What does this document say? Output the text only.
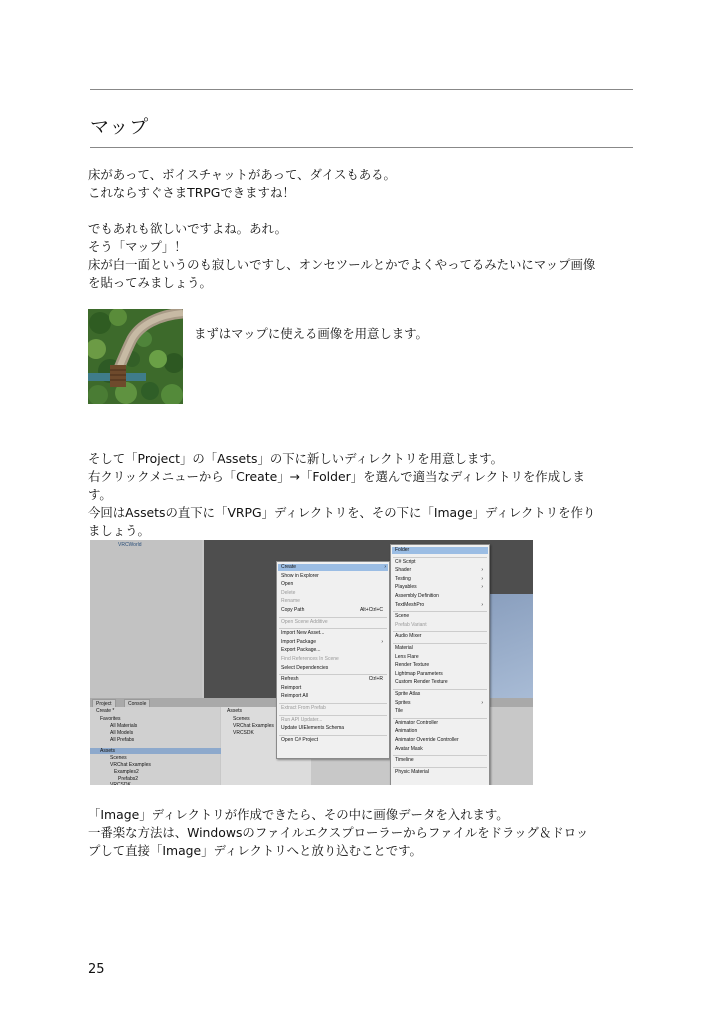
マップ
床があって、ボイスチャットがあって、ダイスもある。
これならすぐさまTRPGできますね！
でもあれも欲しいですよね。あれ。
そう「マップ」！
床が白一面というのも寂しいですし、オンセツールとかでよくやってるみたいにマップ画像
を貼ってみましょう。
まずはマップに使える画像を用意します。
そして「Project」の「Assets」の下に新しいディレクトリを用意します。
右クリックメニューから「Create」→「Folder」を選んで適当なディレクトリを作成しま
す。
今回はAssetsの直下に「VRPG」ディレクトリを、その下に「Image」ディレクトリを作り
ましょう。
VRCWorld
Project	Console
Create *
Favorites
All Materials
All Models
All Prefabs
Assets
Scenes
VRChat Examples
Examples2
Prefabs2
VRCSDK
Assets
Scenes
VRChat Examples
VRCSDK
Create	›
Show in Explorer
Open
Delete
Rename
Copy Path	Alt+Ctrl+C
Open Scene Additive
Import New Asset...
Import Package	›
Export Package...
Find References In Scene
Select Dependencies
Refresh	Ctrl+R
Reimport
Reimport All
Extract From Prefab
Run API Updater...
Update UIElements Schema
Open C# Project
Folder
C# Script
Shader	›
Testing	›
Playables	›
Assembly Definition
TextMeshPro	›
Scene
Prefab Variant
Audio Mixer
Material
Lens Flare
Render Texture
Lightmap Parameters
Custom Render Texture
Sprite Atlas
Sprites	›
Tile
Animator Controller
Animation
Animator Override Controller
Avatar Mask
Timeline
Physic Material
「Image」ディレクトリが作成できたら、その中に画像データを入れます。
一番楽な方法は、Windowsのファイルエクスプローラーからファイルをドラッグ＆ドロッ
プして直接「Image」ディレクトリへと放り込むことです。
25
